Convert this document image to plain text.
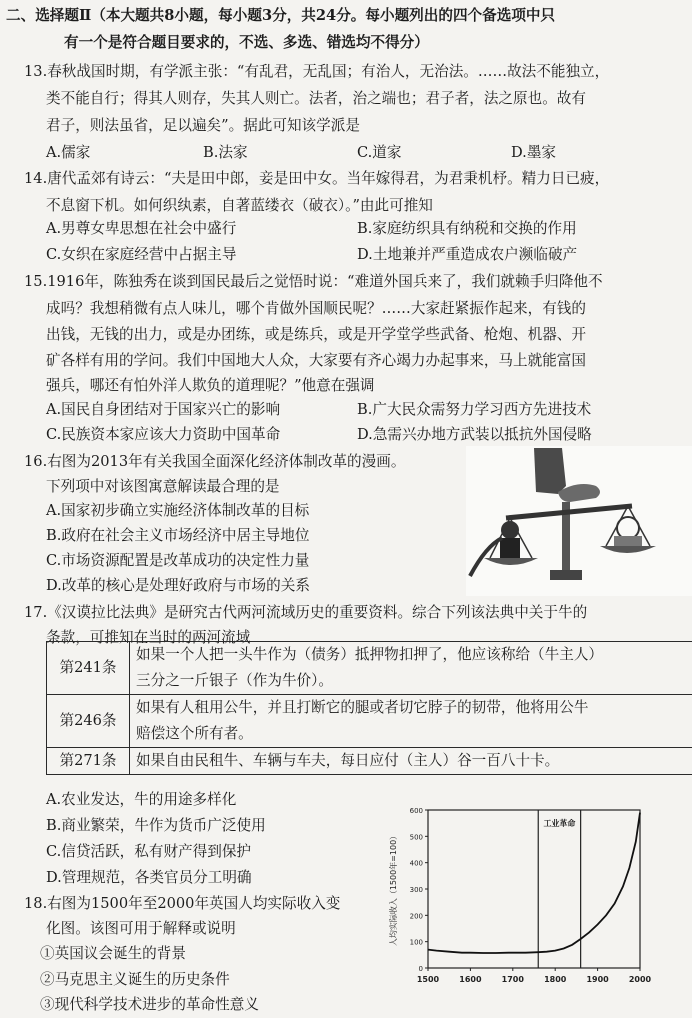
二、选择题Ⅱ（本大题共8小题，每小题3分，共24分。每小题列出的四个备选项中只
有一个是符合题目要求的，不选、多选、错选均不得分）
13.春秋战国时期，有学派主张：“有乱君，无乱国；有治人，无治法。……故法不能独立，
类不能自行；得其人则存，失其人则亡。法者，治之端也；君子者，法之原也。故有
君子，则法虽省，足以遍矣”。据此可知该学派是
A.儒家	B.法家	C.道家	D.墨家
14.唐代孟郊有诗云：“夫是田中郎，妾是田中女。当年嫁得君，为君秉机杼。精力日已疲，
不息窗下机。如何织纨素，自著蓝缕衣（破衣）。”由此可推知
A.男尊女卑思想在社会中盛行	B.家庭纺织具有纳税和交换的作用
C.女织在家庭经营中占据主导	D.土地兼并严重造成农户濒临破产
15.1916年，陈独秀在谈到国民最后之觉悟时说：“难道外国兵来了，我们就赖手归降他不
成吗？我想稍微有点人味儿，哪个肯做外国顺民呢？……大家赶紧振作起来，有钱的
出钱，无钱的出力，或是办团练，或是练兵，或是开学堂学些武备、枪炮、机器、开
矿各样有用的学问。我们中国地大人众，大家要有齐心竭力办起事来，马上就能富国
强兵，哪还有怕外洋人欺负的道理呢？”他意在强调
A.国民自身团结对于国家兴亡的影响	B.广大民众需努力学习西方先进技术
C.民族资本家应该大力资助中国革命	D.急需兴办地方武装以抵抗外国侵略
16.右图为2013年有关我国全面深化经济体制改革的漫画。
下列项中对该图寓意解读最合理的是
A.国家初步确立实施经济体制改革的目标
B.政府在社会主义市场经济中居主导地位
C.市场资源配置是改革成功的决定性力量
D.改革的核心是处理好政府与市场的关系
17.《汉谟拉比法典》是研究古代两河流域历史的重要资料。综合下列该法典中关于牛的
条款，可推知在当时的两河流域
第241条	如果一个人把一头牛作为（债务）抵押物扣押了，他应该称给（牛主人）
三分之一斤银子（作为牛价）。

第246条	如果有人租用公牛，并且打断它的腿或者切它脖子的韧带，他将用公牛
赔偿这个所有者。

第271条	如果自由民租牛、车辆与车夫，每日应付（主人）谷一百八十卡。
A.农业发达，牛的用途多样化
B.商业繁荣，牛作为货币广泛使用
C.信贷活跃，私有财产得到保护
D.管理规范，各类官员分工明确
18.右图为1500年至2000年英国人均实际收入变
化图。该图可用于解释或说明
①英国议会诞生的背景
②马克思主义诞生的历史条件
③现代科学技术进步的革命性意义
人均实际收入（1500年=100）
工业革命
0
100
200
300
400
500
600
1500	1600	1700	1800	1900	2000
